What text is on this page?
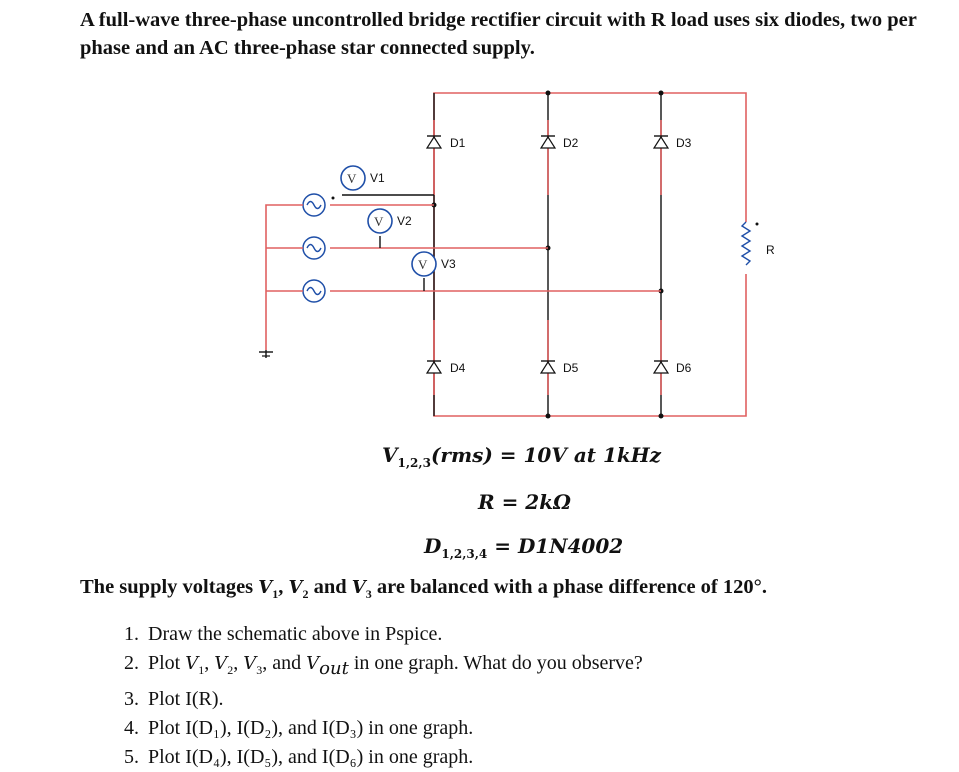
A full-wave three-phase uncontrolled bridge rectifier circuit with R load uses six diodes, two per phase and an AC three-phase star connected supply.

D1	D2	D3
D4	D5	D6
V
V
V
V1
V2
V3
R
$V_{1,2,3}(rms) = 10V$ at 1kHz
R = 2kΩ
$D_{1,2,3,4} = D1N4002$
The supply voltages $V_1$, $V_2$ and $V_3$ are balanced with a phase difference of 120°.
1. Draw the schematic above in Pspice.
2. Plot $V_1$, $V_2$, $V_3$, and $V_{out}$ in one graph. What do you observe?
3. Plot I(R).
4. Plot I(D₁), I(D₂), and I(D₃) in one graph.
5. Plot I(D₄), I(D₅), and I(D₆) in one graph.
